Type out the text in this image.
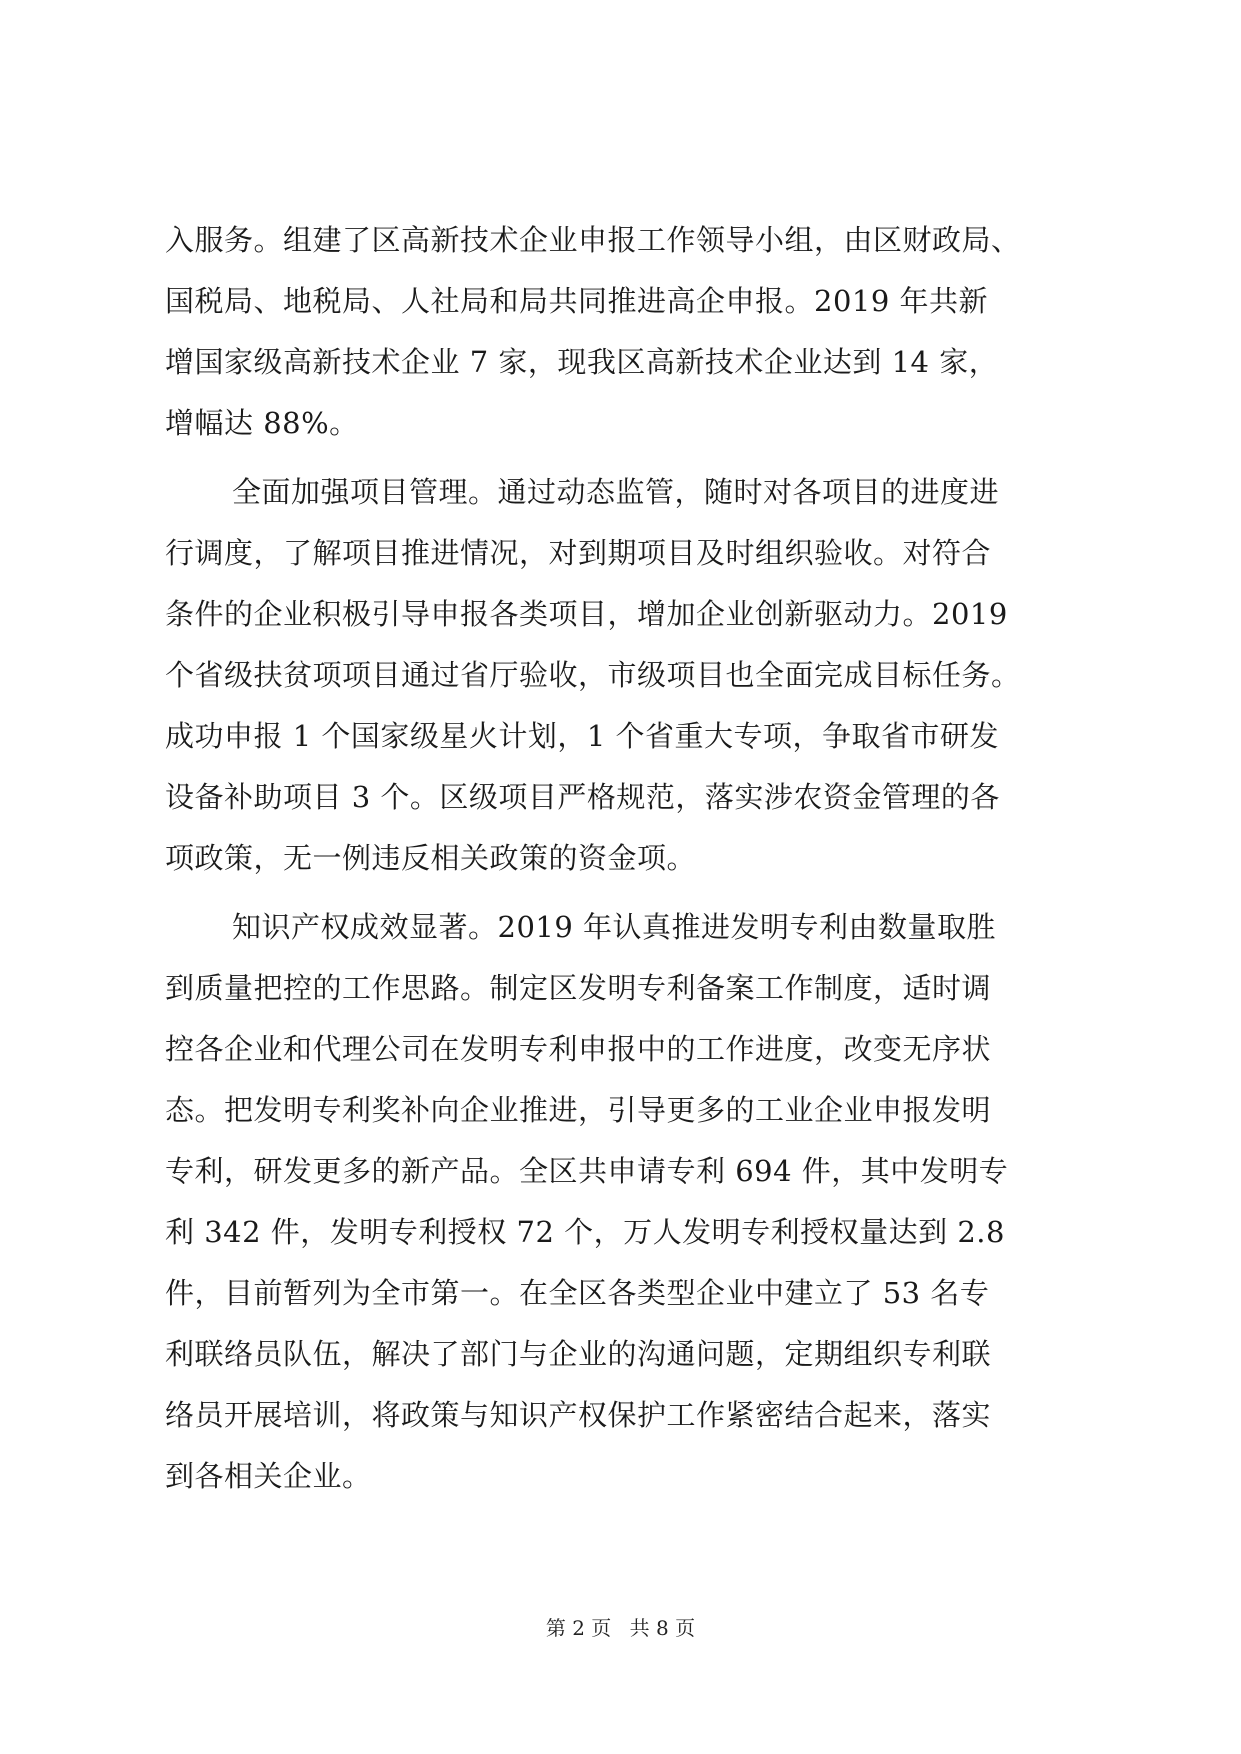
入服务。组建了区高新技术企业申报工作领导小组，由区财政局、
国税局、地税局、人社局和局共同推进高企申报。2019 年共新
增国家级高新技术企业 7 家，现我区高新技术企业达到 14 家，
增幅达 88%。
全面加强项目管理。通过动态监管，随时对各项目的进度进
行调度，了解项目推进情况，对到期项目及时组织验收。对符合
条件的企业积极引导申报各类项目，增加企业创新驱动力。2019
个省级扶贫项项目通过省厅验收，市级项目也全面完成目标任务。
成功申报 1 个国家级星火计划，1 个省重大专项，争取省市研发
设备补助项目 3 个。区级项目严格规范，落实涉农资金管理的各
项政策，无一例违反相关政策的资金项。
知识产权成效显著。2019 年认真推进发明专利由数量取胜
到质量把控的工作思路。制定区发明专利备案工作制度，适时调
控各企业和代理公司在发明专利申报中的工作进度，改变无序状
态。把发明专利奖补向企业推进，引导更多的工业企业申报发明
专利，研发更多的新产品。全区共申请专利 694 件，其中发明专
利 342 件，发明专利授权 72 个，万人发明专利授权量达到 2.8
件，目前暂列为全市第一。在全区各类型企业中建立了 53 名专
利联络员队伍，解决了部门与企业的沟通问题，定期组织专利联
络员开展培训，将政策与知识产权保护工作紧密结合起来，落实
到各相关企业。
第 2 页 共 8 页
